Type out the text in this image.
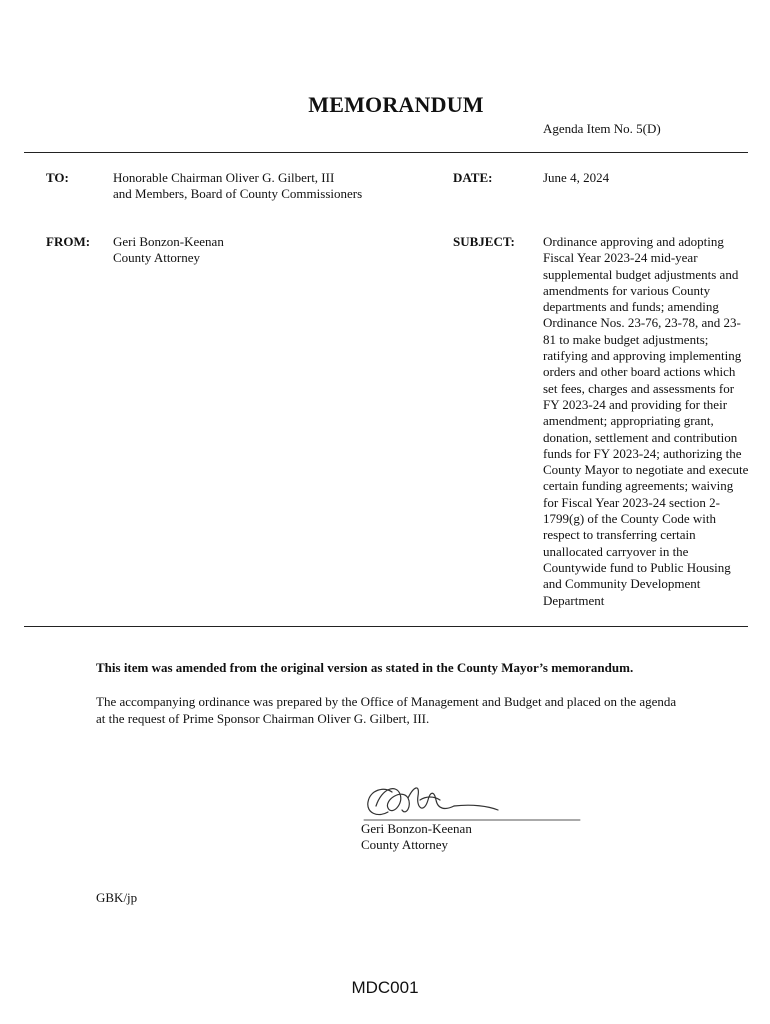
MEMORANDUM
Agenda Item No. 5(D)
TO:	Honorable Chairman Oliver G. Gilbert, III
and Members, Board of County Commissioners
DATE:	June 4, 2024
FROM: Geri Bonzon-Keenan
County Attorney
SUBJECT: Ordinance approving and adopting
Fiscal Year 2023-24 mid-year
supplemental budget adjustments and
amendments for various County
departments and funds; amending
Ordinance Nos. 23-76, 23-78, and 23-
81 to make budget adjustments;
ratifying and approving implementing
orders and other board actions which
set fees, charges and assessments for
FY 2023-24 and providing for their
amendment; appropriating grant,
donation, settlement and contribution
funds for FY 2023-24; authorizing the
County Mayor to negotiate and execute
certain funding agreements; waiving
for Fiscal Year 2023-24 section 2-
1799(g) of the County Code with
respect to transferring certain
unallocated carryover in the
Countywide fund to Public Housing
and Community Development
Department
This item was amended from the original version as stated in the County Mayor’s memorandum.
The accompanying ordinance was prepared by the Office of Management and Budget and placed on the agenda
at the request of Prime Sponsor Chairman Oliver G. Gilbert, III.
Geri Bonzon-Keenan
County Attorney
GBK/jp
MDC001
